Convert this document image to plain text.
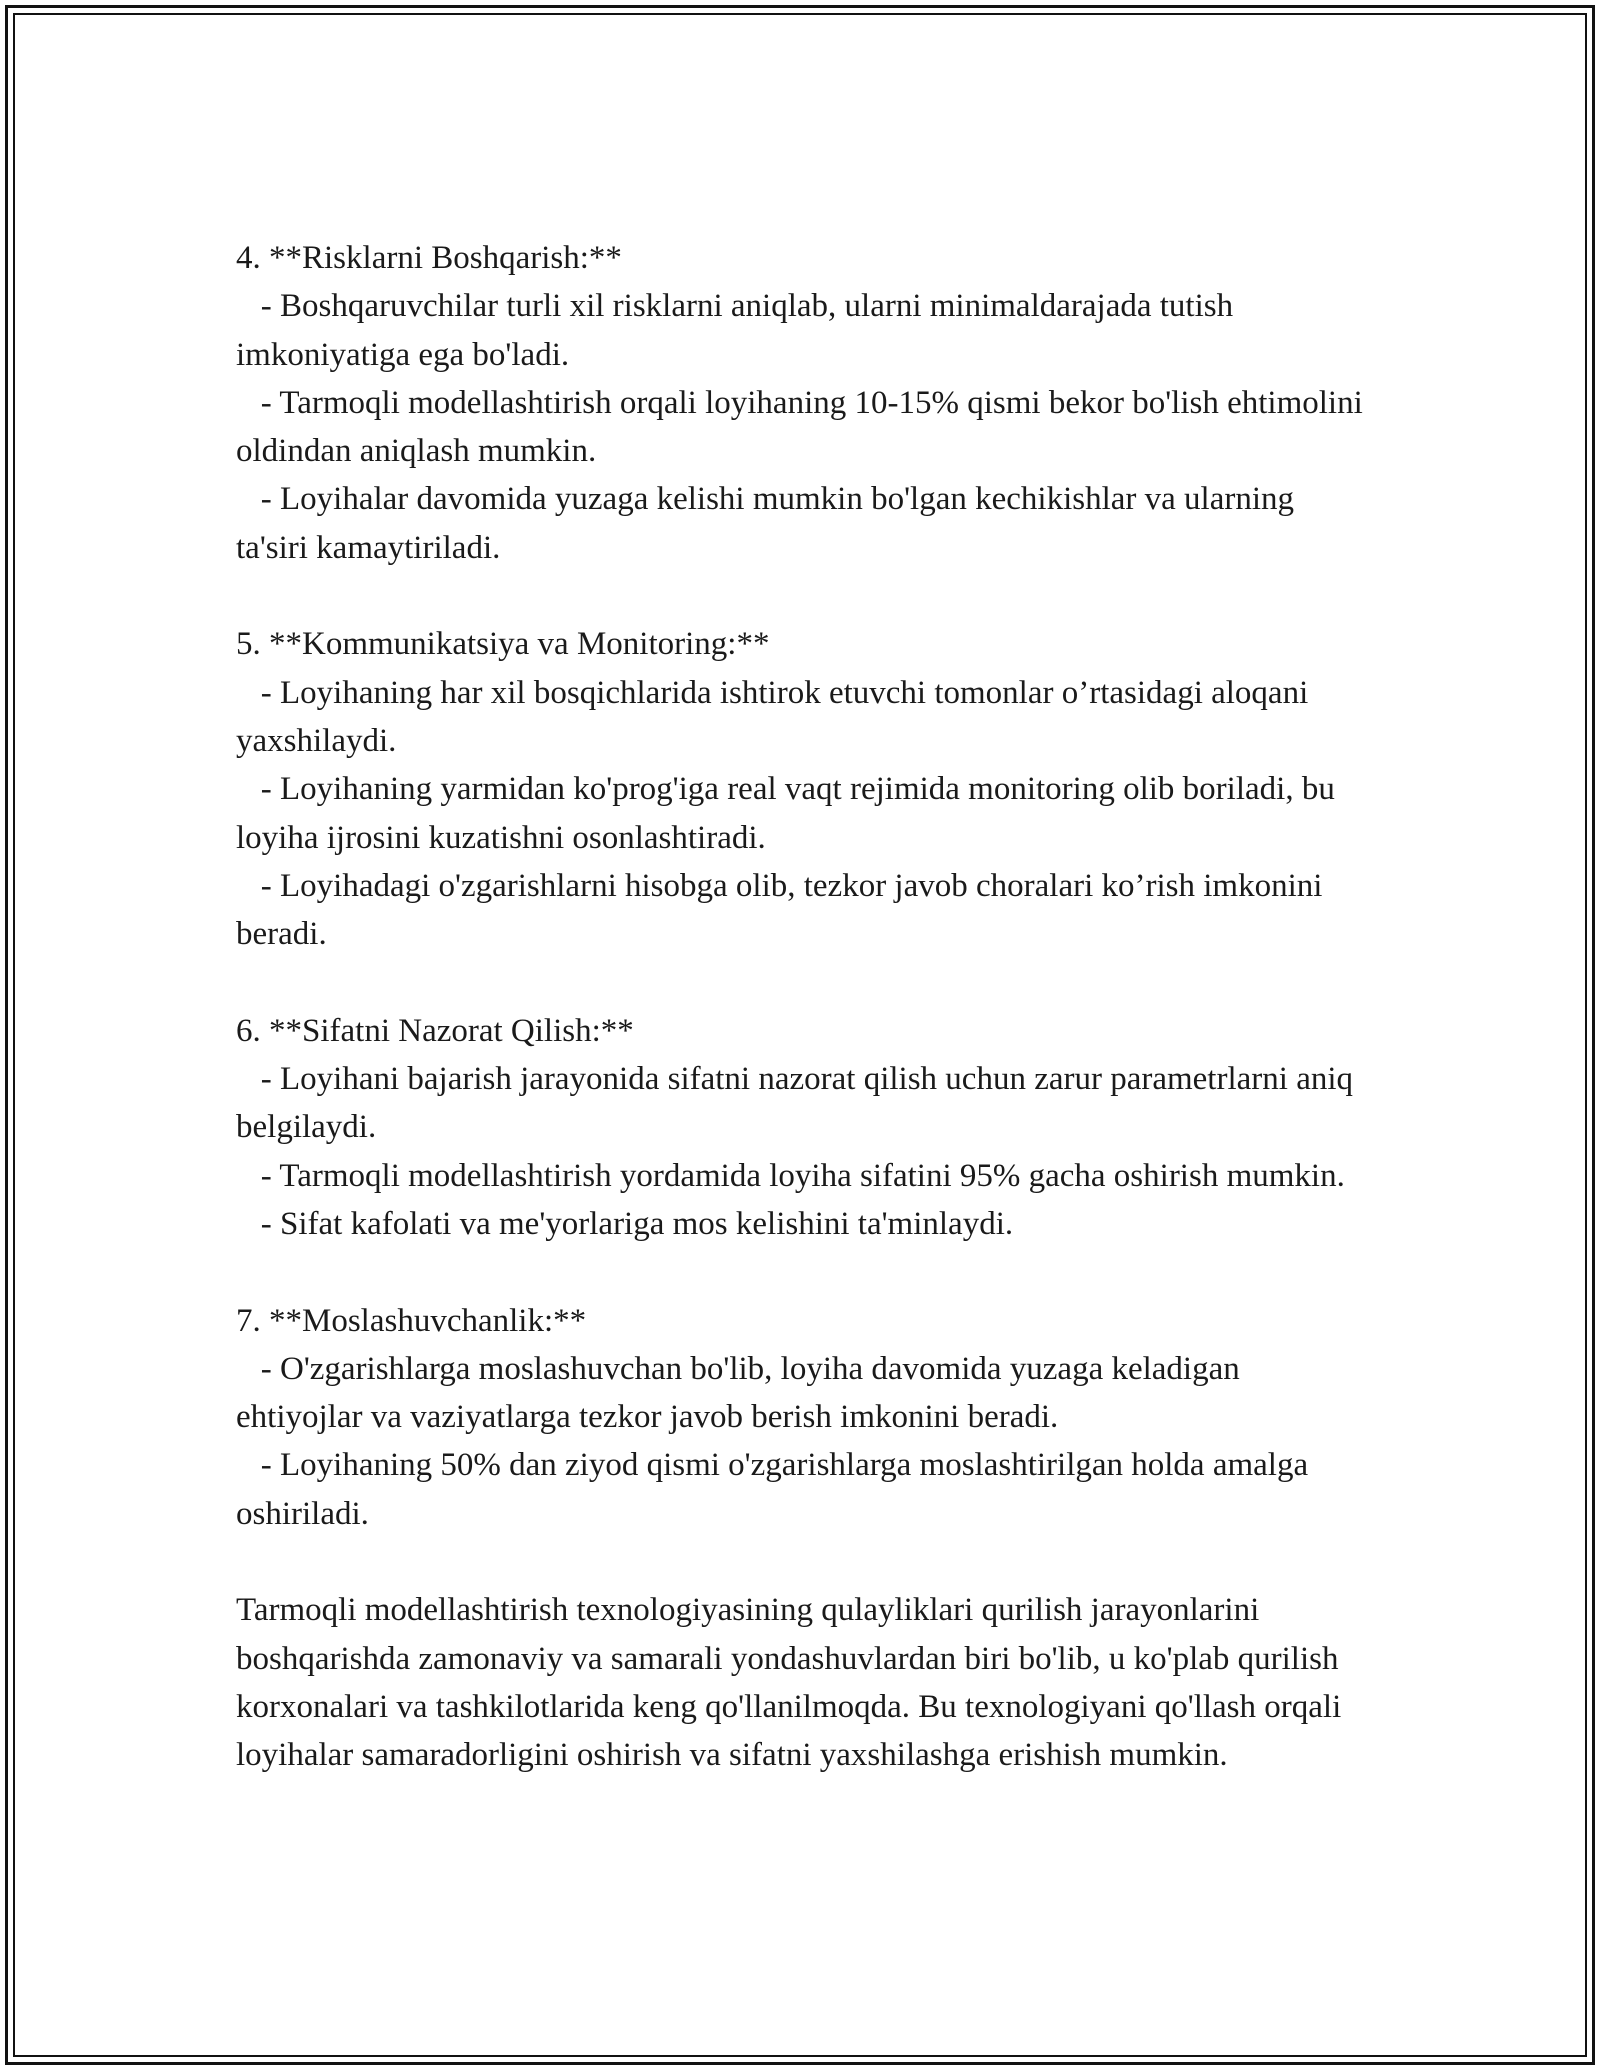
4. **Risklarni Boshqarish:**
- Boshqaruvchilar turli xil risklarni aniqlab, ularni minimaldarajada tutish imkoniyatiga ega bo'ladi.
- Tarmoqli modellashtirish orqali loyihaning 10-15% qismi bekor bo'lish ehtimolini oldindan aniqlash mumkin.
- Loyihalar davomida yuzaga kelishi mumkin bo'lgan kechikishlar va ularning ta'siri kamaytiriladi.
5. **Kommunikatsiya va Monitoring:**
- Loyihaning har xil bosqichlarida ishtirok etuvchi tomonlar o’rtasidagi aloqani yaxshilaydi.
- Loyihaning yarmidan ko'prog'iga real vaqt rejimida monitoring olib boriladi, bu loyiha ijrosini kuzatishni osonlashtiradi.
- Loyihadagi o'zgarishlarni hisobga olib, tezkor javob choralari ko’rish imkonini beradi.
6. **Sifatni Nazorat Qilish:**
- Loyihani bajarish jarayonida sifatni nazorat qilish uchun zarur parametrlarni aniq belgilaydi.
- Tarmoqli modellashtirish yordamida loyiha sifatini 95% gacha oshirish mumkin.
- Sifat kafolati va me'yorlariga mos kelishini ta'minlaydi.
7. **Moslashuvchanlik:**
- O'zgarishlarga moslashuvchan bo'lib, loyiha davomida yuzaga keladigan ehtiyojlar va vaziyatlarga tezkor javob berish imkonini beradi.
- Loyihaning 50% dan ziyod qismi o'zgarishlarga moslashtirilgan holda amalga oshiriladi.
Tarmoqli modellashtirish texnologiyasining qulayliklari qurilish jarayonlarini boshqarishda zamonaviy va samarali yondashuvlardan biri bo'lib, u ko'plab qurilish korxonalari va tashkilotlarida keng qo'llanilmoqda. Bu texnologiyani qo'llash orqali loyihalar samaradorligini oshirish va sifatni yaxshilashga erishish mumkin.
